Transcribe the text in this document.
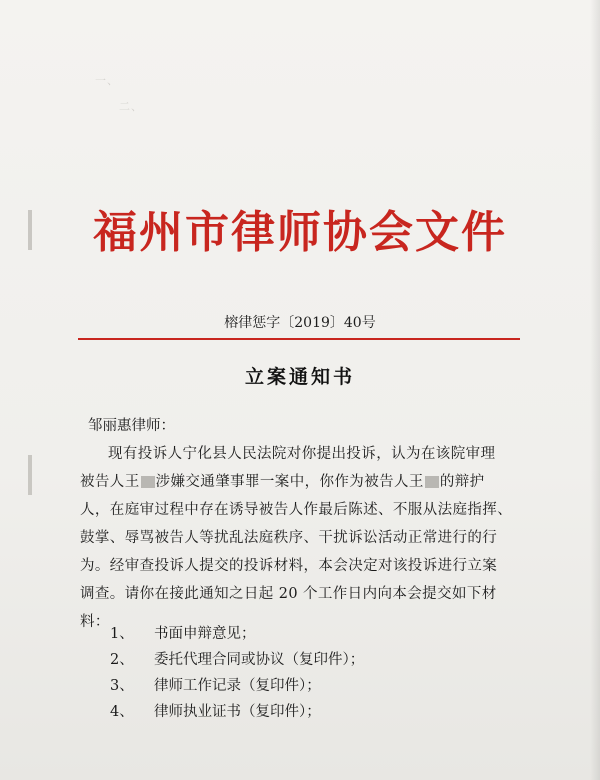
一、　　　　　　　　　　　　　　　　　　　　　　　
　　二、　　　　　　　　　　　　　　　　　　　　　

福州市律师协会文件
榕律惩字〔2019〕40号
立案通知书
邹丽惠律师：
现有投诉人宁化县人民法院对你提出投诉，认为在该院审理
被告人王 涉嫌交通肇事罪一案中，你作为被告人王 的辩护
人，在庭审过程中存在诱导被告人作最后陈述、不服从法庭指挥、
鼓掌、辱骂被告人等扰乱法庭秩序、干扰诉讼活动正常进行的行
为。经审查投诉人提交的投诉材料，本会决定对该投诉进行立案
调查。请你在接此通知之日起 20 个工作日内向本会提交如下材
料：
1、 书面申辩意见；
2、 委托代理合同或协议（复印件）；
3、 律师工作记录（复印件）；
4、 律师执业证书（复印件）；
